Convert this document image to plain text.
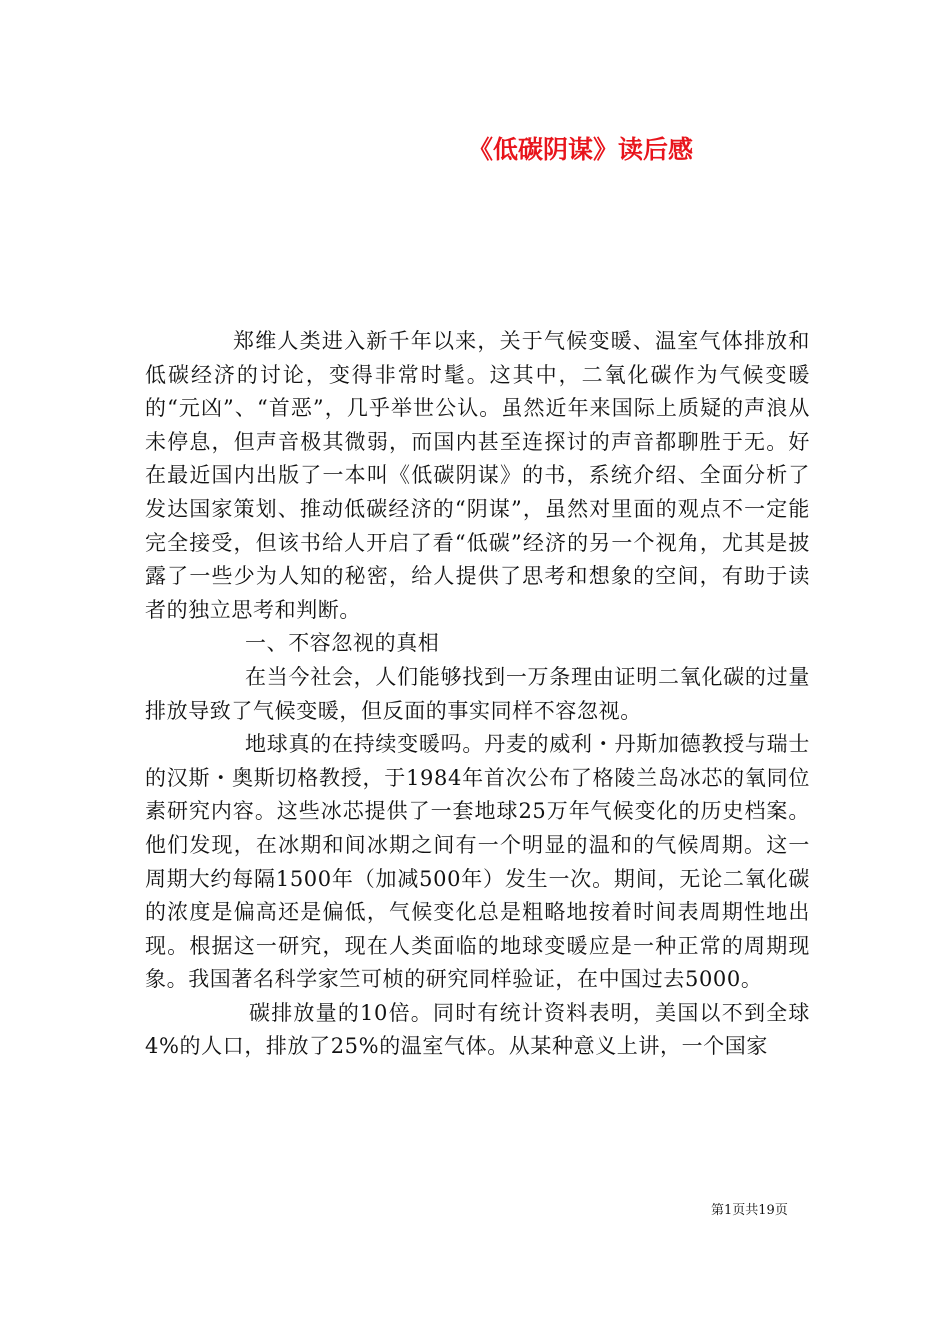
《低碳阴谋》读后感

郑维人类进入新千年以来，关于气候变暖、温室气体排放和低碳经济的讨论，变得非常时髦。这其中，二氧化碳作为气候变暖的“元凶”、“首恶”，几乎举世公认。虽然近年来国际上质疑的声浪从未停息，但声音极其微弱，而国内甚至连探讨的声音都聊胜于无。好在最近国内出版了一本叫《低碳阴谋》的书，系统介绍、全面分析了发达国家策划、推动低碳经济的“阴谋”，虽然对里面的观点不一定能完全接受，但该书给人开启了看“低碳”经济的另一个视角，尤其是披露了一些少为人知的秘密，给人提供了思考和想象的空间，有助于读者的独立思考和判断。

一、不容忽视的真相

在当今社会，人们能够找到一万条理由证明二氧化碳的过量排放导致了气候变暖，但反面的事实同样不容忽视。

地球真的在持续变暖吗。丹麦的威利・丹斯加德教授与瑞士的汉斯・奥斯切格教授，于1984年首次公布了格陵兰岛冰芯的氧同位素研究内容。这些冰芯提供了一套地球25万年气候变化的历史档案。他们发现，在冰期和间冰期之间有一个明显的温和的气候周期。这一周期大约每隔1500年（加减500年）发生一次。期间，无论二氧化碳的浓度是偏高还是偏低，气候变化总是粗略地按着时间表周期性地出现。根据这一研究，现在人类面临的地球变暖应是一种正常的周期现象。我国著名科学家竺可桢的研究同样验证，在中国过去5000。

碳排放量的10倍。同时有统计资料表明，美国以不到全球4%的人口，排放了25%的温室气体。从某种意义上讲，一个国家

第1页共19页
